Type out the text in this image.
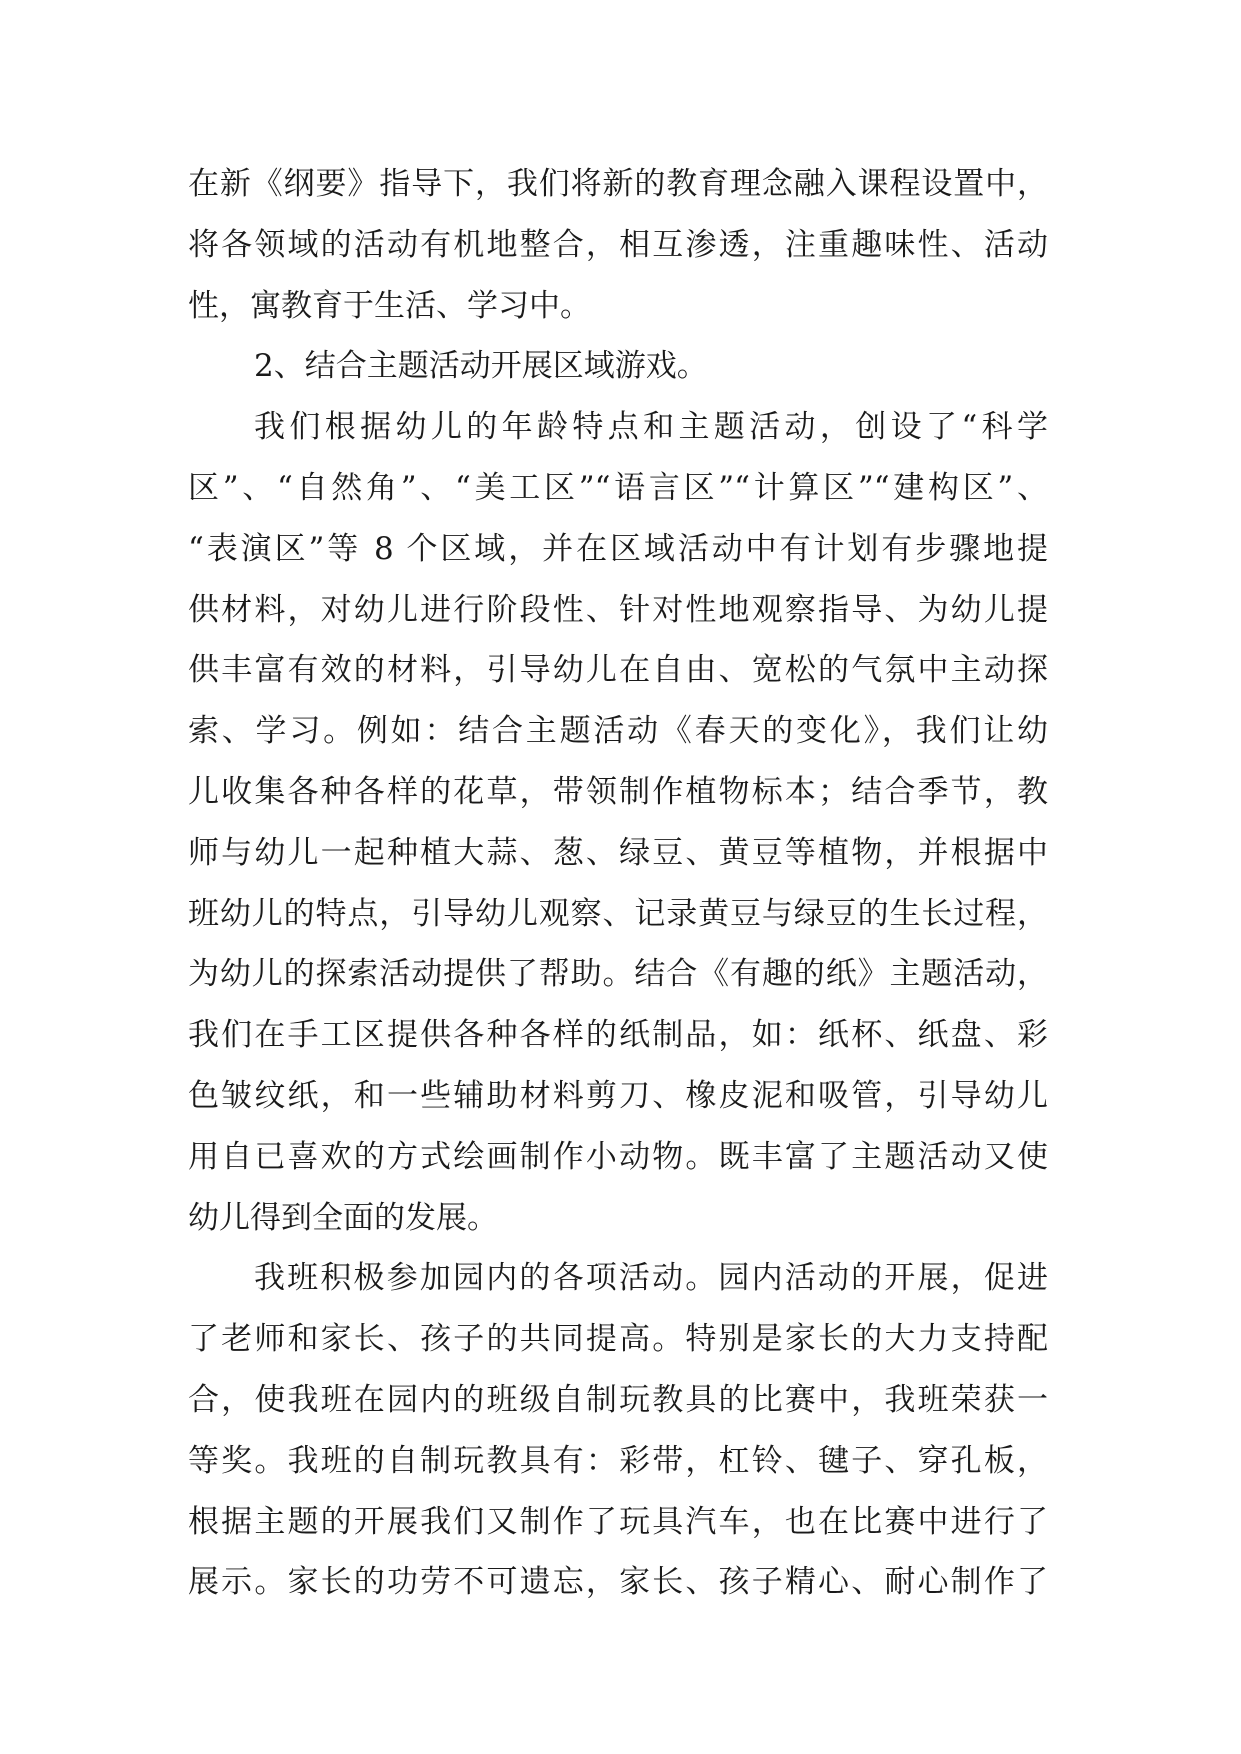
在新《纲要》指导下，我们将新的教育理念融入课程设置中，
将各领域的活动有机地整合，相互渗透，注重趣味性、活动
性，寓教育于生活、学习中。
2、结合主题活动开展区域游戏。
我们根据幼儿的年龄特点和主题活动，创设了“科学
区”、“自然角”、“美工区”“语言区”“计算区”“建构区”、
“表演区”等 8 个区域，并在区域活动中有计划有步骤地提
供材料，对幼儿进行阶段性、针对性地观察指导、为幼儿提
供丰富有效的材料，引导幼儿在自由、宽松的气氛中主动探
索、学习。例如：结合主题活动《春天的变化》，我们让幼
儿收集各种各样的花草，带领制作植物标本；结合季节，教
师与幼儿一起种植大蒜、葱、绿豆、黄豆等植物，并根据中
班幼儿的特点，引导幼儿观察、记录黄豆与绿豆的生长过程，
为幼儿的探索活动提供了帮助。结合《有趣的纸》主题活动，
我们在手工区提供各种各样的纸制品，如：纸杯、纸盘、彩
色皱纹纸，和一些辅助材料剪刀、橡皮泥和吸管，引导幼儿
用自已喜欢的方式绘画制作小动物。既丰富了主题活动又使
幼儿得到全面的发展。
我班积极参加园内的各项活动。园内活动的开展，促进
了老师和家长、孩子的共同提高。特别是家长的大力支持配
合，使我班在园内的班级自制玩教具的比赛中，我班荣获一
等奖。我班的自制玩教具有：彩带，杠铃、毽子、穿孔板，
根据主题的开展我们又制作了玩具汽车，也在比赛中进行了
展示。家长的功劳不可遗忘，家长、孩子精心、耐心制作了
